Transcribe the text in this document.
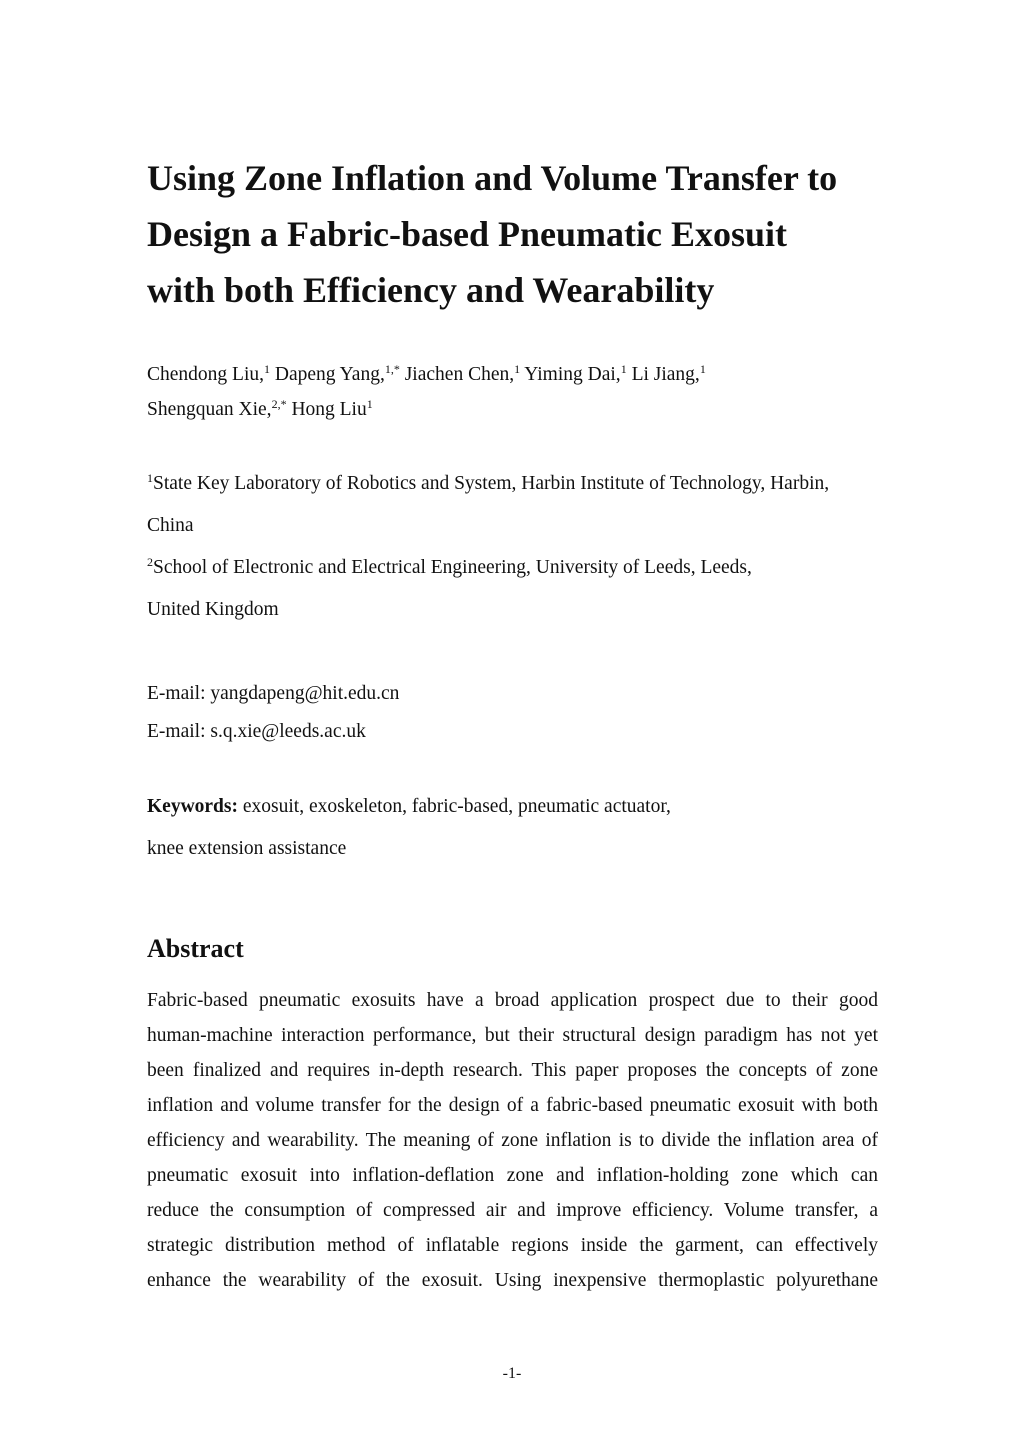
Using Zone Inflation and Volume Transfer to
Design a Fabric-based Pneumatic Exosuit
with both Efficiency and Wearability
Chendong Liu,$^1$ Dapeng Yang,$^{1,*}$ Jiachen Chen,$^1$ Yiming Dai,$^1$ Li Jiang,$^1$
Shengquan Xie,$^{2,*}$ Hong Liu$^1$
$^1$State Key Laboratory of Robotics and System, Harbin Institute of Technology, Harbin,
China
$^2$School of Electronic and Electrical Engineering, University of Leeds, Leeds,
United Kingdom
E-mail: yangdapeng@hit.edu.cn
E-mail: s.q.xie@leeds.ac.uk
Keywords: exosuit, exoskeleton, fabric-based, pneumatic actuator,
knee extension assistance
Abstract
Fabric-based pneumatic exosuits have a broad application prospect due to their good
human-machine interaction performance, but their structural design paradigm has not yet
been finalized and requires in-depth research. This paper proposes the concepts of zone
inflation and volume transfer for the design of a fabric-based pneumatic exosuit with both
efficiency and wearability. The meaning of zone inflation is to divide the inflation area of
pneumatic exosuit into inflation-deflation zone and inflation-holding zone which can
reduce the consumption of compressed air and improve efficiency. Volume transfer, a
strategic distribution method of inflatable regions inside the garment, can effectively
enhance the wearability of the exosuit. Using inexpensive thermoplastic polyurethane
-1-
